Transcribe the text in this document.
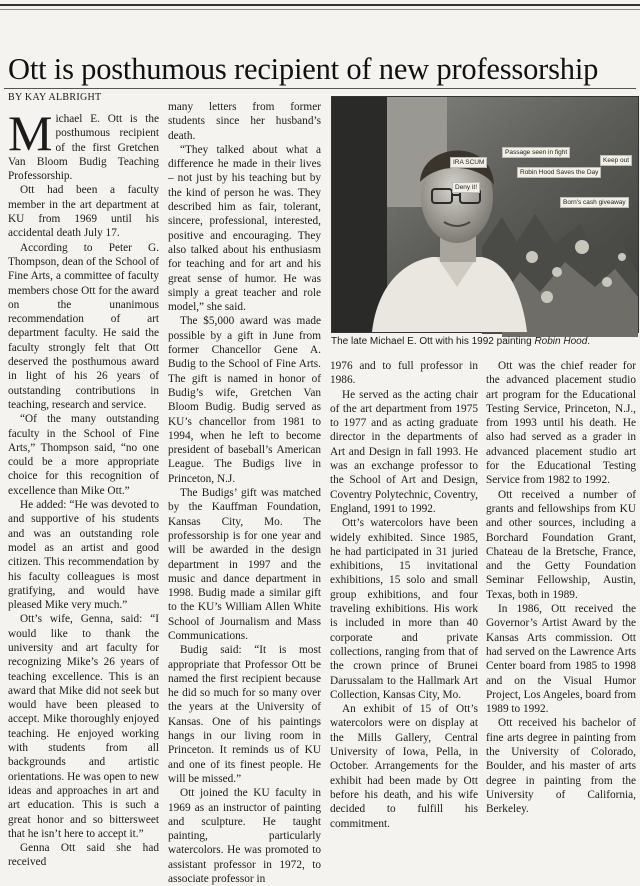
Ott is posthumous recipient of new professorship
BY KAY ALBRIGHT

Michael E. Ott is the posthumous recipient of the first Gretchen Van Bloom Budig Teaching Professorship.

Ott had been a faculty member in the art department at KU from 1969 until his accidental death July 17.

According to Peter G. Thompson, dean of the School of Fine Arts, a committee of faculty members chose Ott for the award on the unanimous recommendation of art department faculty. He said the faculty strongly felt that Ott deserved the posthumous award in light of his 26 years of outstanding contributions in teaching, research and service.

“Of the many outstanding faculty in the School of Fine Arts,” Thompson said, “no one could be a more appropriate choice for this recognition of excellence than Mike Ott.”

He added: “He was devoted to and supportive of his students and was an outstanding role model as an artist and good citizen. This recommendation by his faculty colleagues is most gratifying, and would have pleased Mike very much.”

Ott’s wife, Genna, said: “I would like to thank the university and art faculty for recognizing Mike’s 26 years of teaching excellence. This is an award that Mike did not seek but would have been pleased to accept. Mike thoroughly enjoyed teaching. He enjoyed working with students from all backgrounds and artistic orientations. He was open to new ideas and approaches in art and art education. This is such a great honor and so bittersweet that he isn’t here to accept it.”

Genna Ott said she had received

many letters from former students since her husband’s death.

“They talked about what a difference he made in their lives – not just by his teaching but by the kind of person he was. They described him as fair, tolerant, sincere, professional, interested, positive and encouraging. They also talked about his enthusiasm for teaching and for art and his great sense of humor. He was simply a great teacher and role model,” she said.

The $5,000 award was made possible by a gift in June from former Chancellor Gene A. Budig to the School of Fine Arts. The gift is named in honor of Budig’s wife, Gretchen Van Bloom Budig. Budig served as KU’s chancellor from 1981 to 1994, when he left to become president of baseball’s American League. The Budigs live in Princeton, N.J.

The Budigs’ gift was matched by the Kauffman Foundation, Kansas City, Mo. The professorship is for one year and will be awarded in the design department in 1997 and the music and dance department in 1998. Budig made a similar gift to the KU’s William Allen White School of Journalism and Mass Communications.

Budig said: “It is most appropriate that Professor Ott be named the first recipient because he did so much for so many over the years at the University of Kansas. One of his paintings hangs in our living room in Princeton. It reminds us of KU and one of its finest people. He will be missed.”

Ott joined the KU faculty in 1969 as an instructor of painting and sculpture. He taught painting, particularly watercolors. He was promoted to assistant professor in 1972, to associate professor in

IRA SCUM
Passage seen in fight
Keep out
Deny it!
Robin Hood Saves the Day
Born's cash giveaway
The late Michael E. Ott with his 1992 painting Robin Hood.

1976 and to full professor in 1986.

He served as the acting chair of the art department from 1975 to 1977 and as acting graduate director in the departments of Art and Design in fall 1993. He was an exchange professor to the School of Art and Design, Coventry Polytechnic, Coventry, England, 1991 to 1992.

Ott’s watercolors have been widely exhibited. Since 1985, he had participated in 31 juried exhibitions, 15 invitational exhibitions, 15 solo and small group exhibitions, and four traveling exhibitions. His work is included in more than 40 corporate and private collections, ranging from that of the crown prince of Brunei Darussalam to the Hallmark Art Collection, Kansas City, Mo.

An exhibit of 15 of Ott’s watercolors were on display at the Mills Gallery, Central University of Iowa, Pella, in October. Arrangements for the exhibit had been made by Ott before his death, and his wife decided to fulfill his commitment.

Ott was the chief reader for the advanced placement studio art program for the Educational Testing Service, Princeton, N.J., from 1993 until his death. He also had served as a grader in advanced placement studio art for the Educational Testing Service from 1982 to 1992.

Ott received a number of grants and fellowships from KU and other sources, including a Borchard Foundation Grant, Chateau de la Bretsche, France, and the Getty Foundation Seminar Fellowship, Austin, Texas, both in 1989.

In 1986, Ott received the Governor’s Artist Award by the Kansas Arts commission. Ott had served on the Lawrence Arts Center board from 1985 to 1998 and on the Visual Humor Project, Los Angeles, board from 1989 to 1992.

Ott received his bachelor of fine arts degree in painting from the University of Colorado, Boulder, and his master of arts degree in painting from the University of California, Berkeley.
